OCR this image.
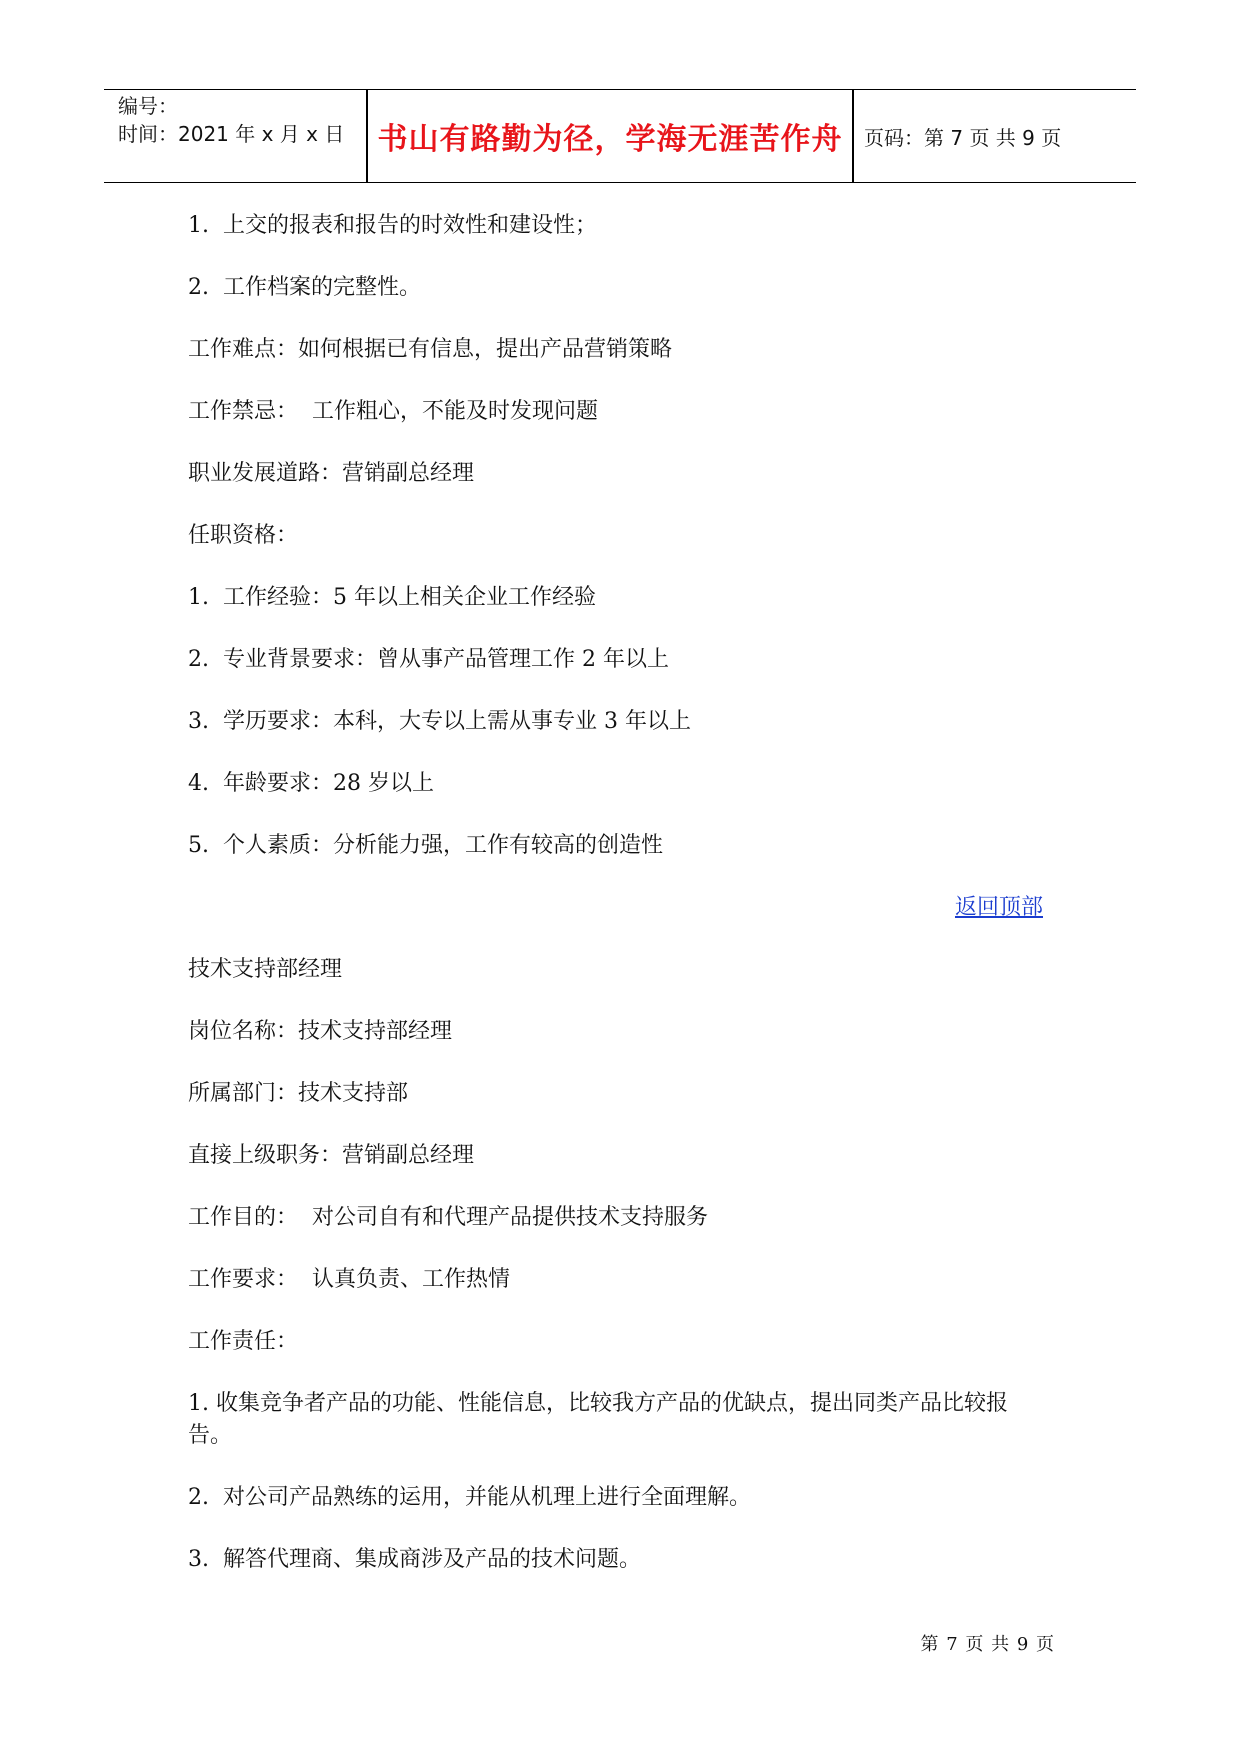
编号：
时间：2021 年 x 月 x 日	书山有路勤为径，学海无涯苦作舟	页码：第 7 页 共 9 页

1.  上交的报表和报告的时效性和建设性；

2.  工作档案的完整性。

工作难点：如何根据已有信息，提出产品营销策略

工作禁忌：  工作粗心，不能及时发现问题

职业发展道路：营销副总经理

任职资格：

1.  工作经验：5 年以上相关企业工作经验

2.  专业背景要求：曾从事产品管理工作 2 年以上

3.  学历要求：本科，大专以上需从事专业 3 年以上

4.  年龄要求：28 岁以上

5.  个人素质：分析能力强，工作有较高的创造性

返回顶部

技术支持部经理

岗位名称：技术支持部经理

所属部门：技术支持部

直接上级职务：营销副总经理

工作目的：  对公司自有和代理产品提供技术支持服务

工作要求：  认真负责、工作热情

工作责任：

1. 收集竞争者产品的功能、性能信息，比较我方产品的优缺点，提出同类产品比较报告。

2.  对公司产品熟练的运用，并能从机理上进行全面理解。

3.  解答代理商、集成商涉及产品的技术问题。

第 7 页 共 9 页
